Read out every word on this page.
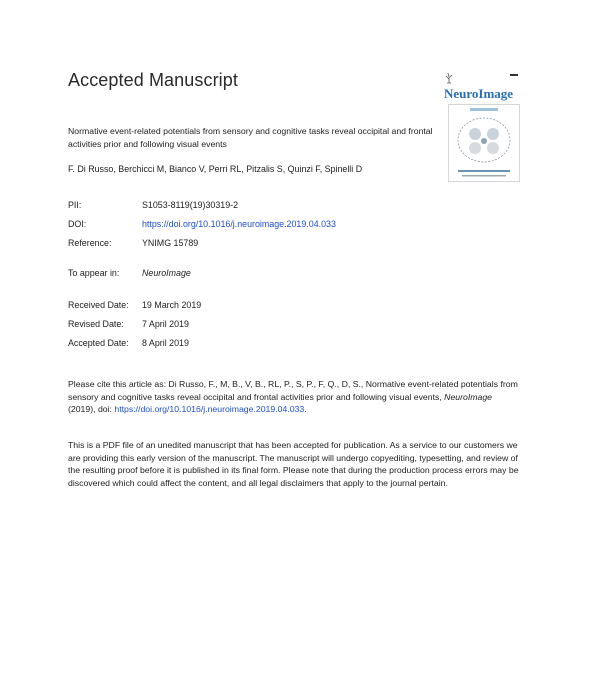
Accepted Manuscript
NeuroImage
Normative event-related potentials from sensory and cognitive tasks reveal occipital and frontal activities prior and following visual events
F. Di Russo, Berchicci M, Bianco V, Perri RL, Pitzalis S, Quinzi F, Spinelli D
PII:	S1053-8119(19)30319-2
DOI:	https://doi.org/10.1016/j.neuroimage.2019.04.033
Reference:	YNIMG 15789
To appear in:	NeuroImage
Received Date: 19 March 2019
Revised Date: 7 April 2019
Accepted Date: 8 April 2019
Please cite this article as: Di Russo, F., M, B., V, B., RL, P., S, P., F, Q., D, S., Normative event-related potentials from sensory and cognitive tasks reveal occipital and frontal activities prior and following visual events, NeuroImage (2019), doi: https://doi.org/10.1016/j.neuroimage.2019.04.033.
This is a PDF file of an unedited manuscript that has been accepted for publication. As a service to our customers we are providing this early version of the manuscript. The manuscript will undergo copyediting, typesetting, and review of the resulting proof before it is published in its final form. Please note that during the production process errors may be discovered which could affect the content, and all legal disclaimers that apply to the journal pertain.
